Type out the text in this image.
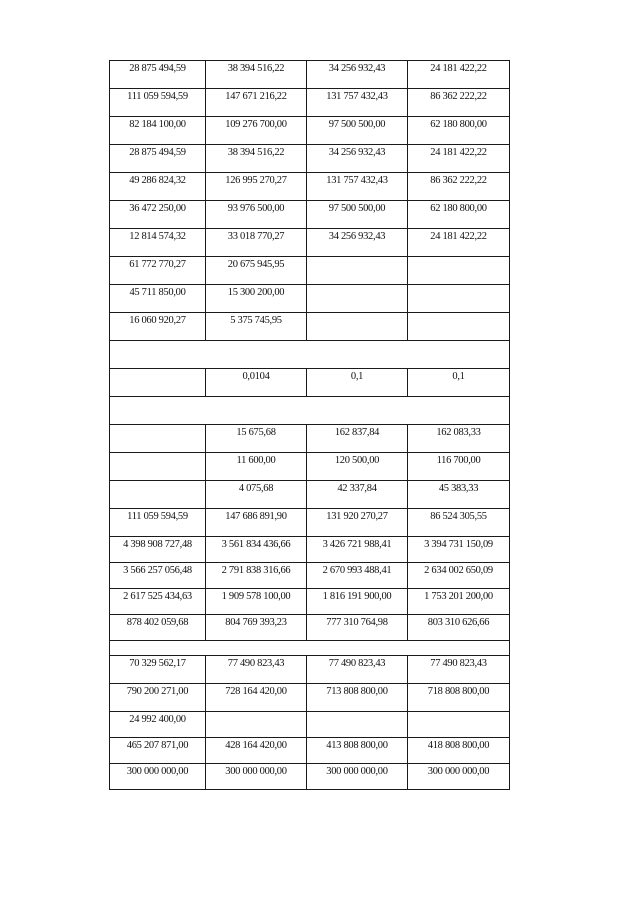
28 875 494,59	38 394 516,22	34 256 932,43	24 181 422,22
111 059 594,59	147 671 216,22	131 757 432,43	86 362 222,22
82 184 100,00	109 276 700,00	97 500 500,00	62 180 800,00
28 875 494,59	38 394 516,22	34 256 932,43	24 181 422,22
49 286 824,32	126 995 270,27	131 757 432,43	86 362 222,22
36 472 250,00	93 976 500,00	97 500 500,00	62 180 800,00
12 814 574,32	33 018 770,27	34 256 932,43	24 181 422,22
61 772 770,27	20 675 945,95		
45 711 850,00	15 300 200,00		
16 060 920,27	5 375 745,95		

	0,0104	0,1	0,1

	15 675,68	162 837,84	162 083,33
	11 600,00	120 500,00	116 700,00
	4 075,68	42 337,84	45 383,33
111 059 594,59	147 686 891,90	131 920 270,27	86 524 305,55
4 398 908 727,48	3 561 834 436,66	3 426 721 988,41	3 394 731 150,09
3 566 257 056,48	2 791 838 316,66	2 670 993 488,41	2 634 002 650,09
2 617 525 434,63	1 909 578 100,00	1 816 191 900,00	1 753 201 200,00
878 402 059,68	804 769 393,23	777 310 764,98	803 310 626,66

70 329 562,17	77 490 823,43	77 490 823,43	77 490 823,43
790 200 271,00	728 164 420,00	713 808 800,00	718 808 800,00
24 992 400,00			
465 207 871,00	428 164 420,00	413 808 800,00	418 808 800,00
300 000 000,00	300 000 000,00	300 000 000,00	300 000 000,00
